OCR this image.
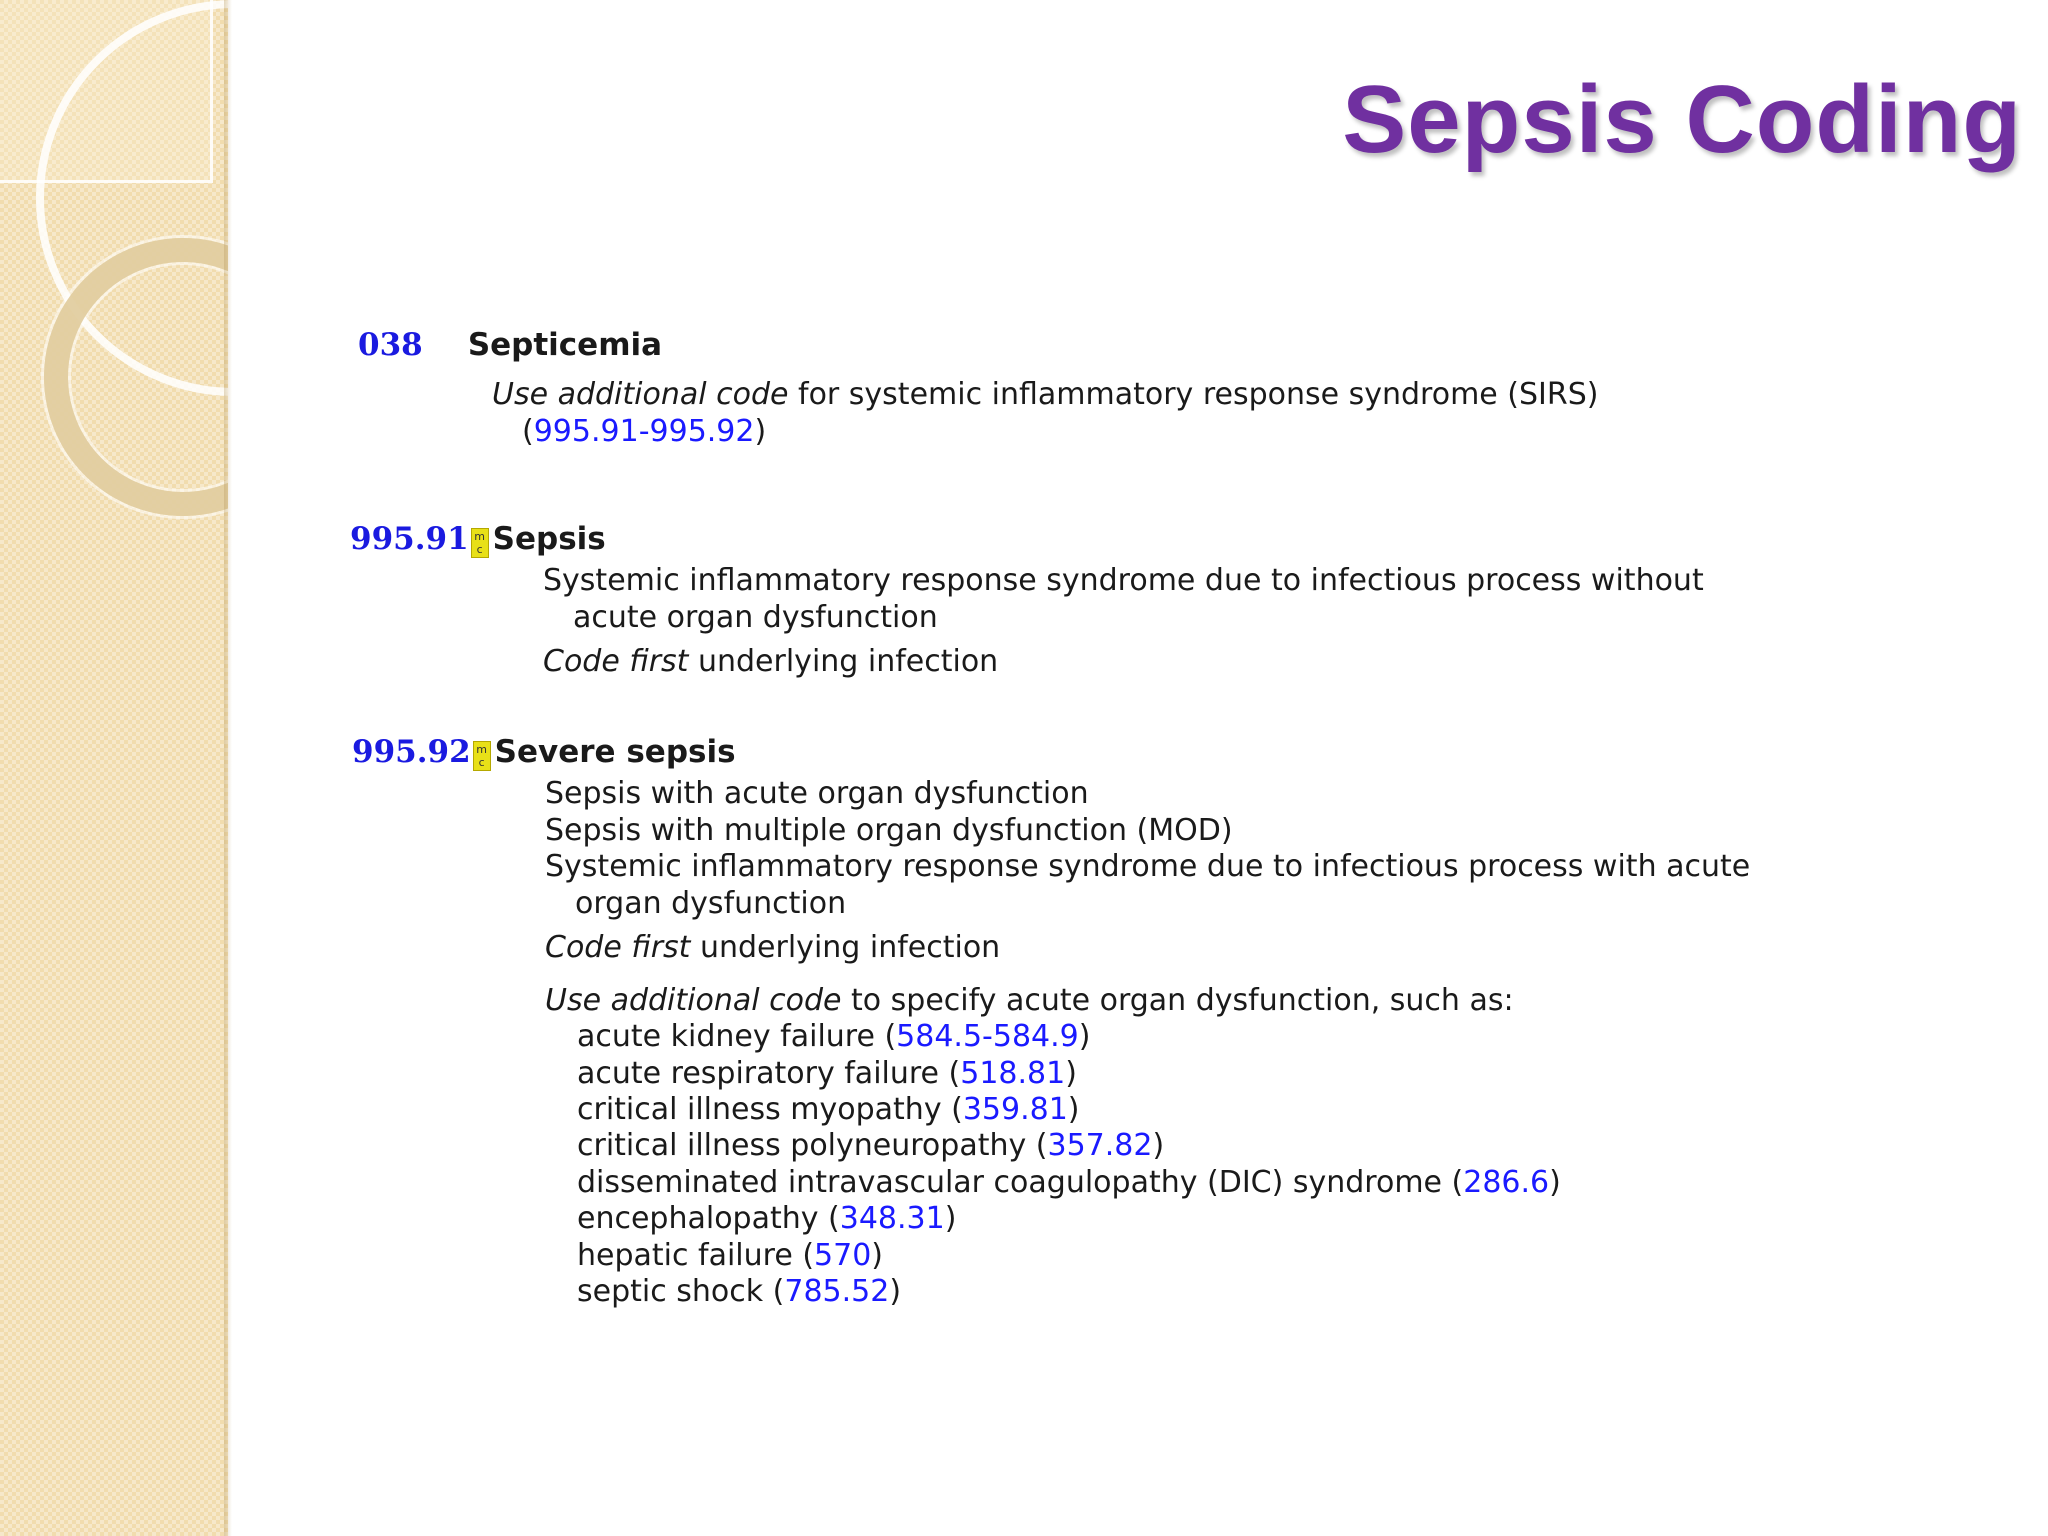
Sepsis Coding
038 Septicemia
Use additional code for systemic inflammatory response syndrome (SIRS)
(995.91-995.92)
995.91 m
c Sepsis
Systemic inflammatory response syndrome due to infectious process without
acute organ dysfunction
Code first underlying infection
995.92 m
c Severe sepsis
Sepsis with acute organ dysfunction
Sepsis with multiple organ dysfunction (MOD)
Systemic inflammatory response syndrome due to infectious process with acute
organ dysfunction
Code first underlying infection
Use additional code to specify acute organ dysfunction, such as:
acute kidney failure (584.5-584.9)
acute respiratory failure (518.81)
critical illness myopathy (359.81)
critical illness polyneuropathy (357.82)
disseminated intravascular coagulopathy (DIC) syndrome (286.6)
encephalopathy (348.31)
hepatic failure (570)
septic shock (785.52)
